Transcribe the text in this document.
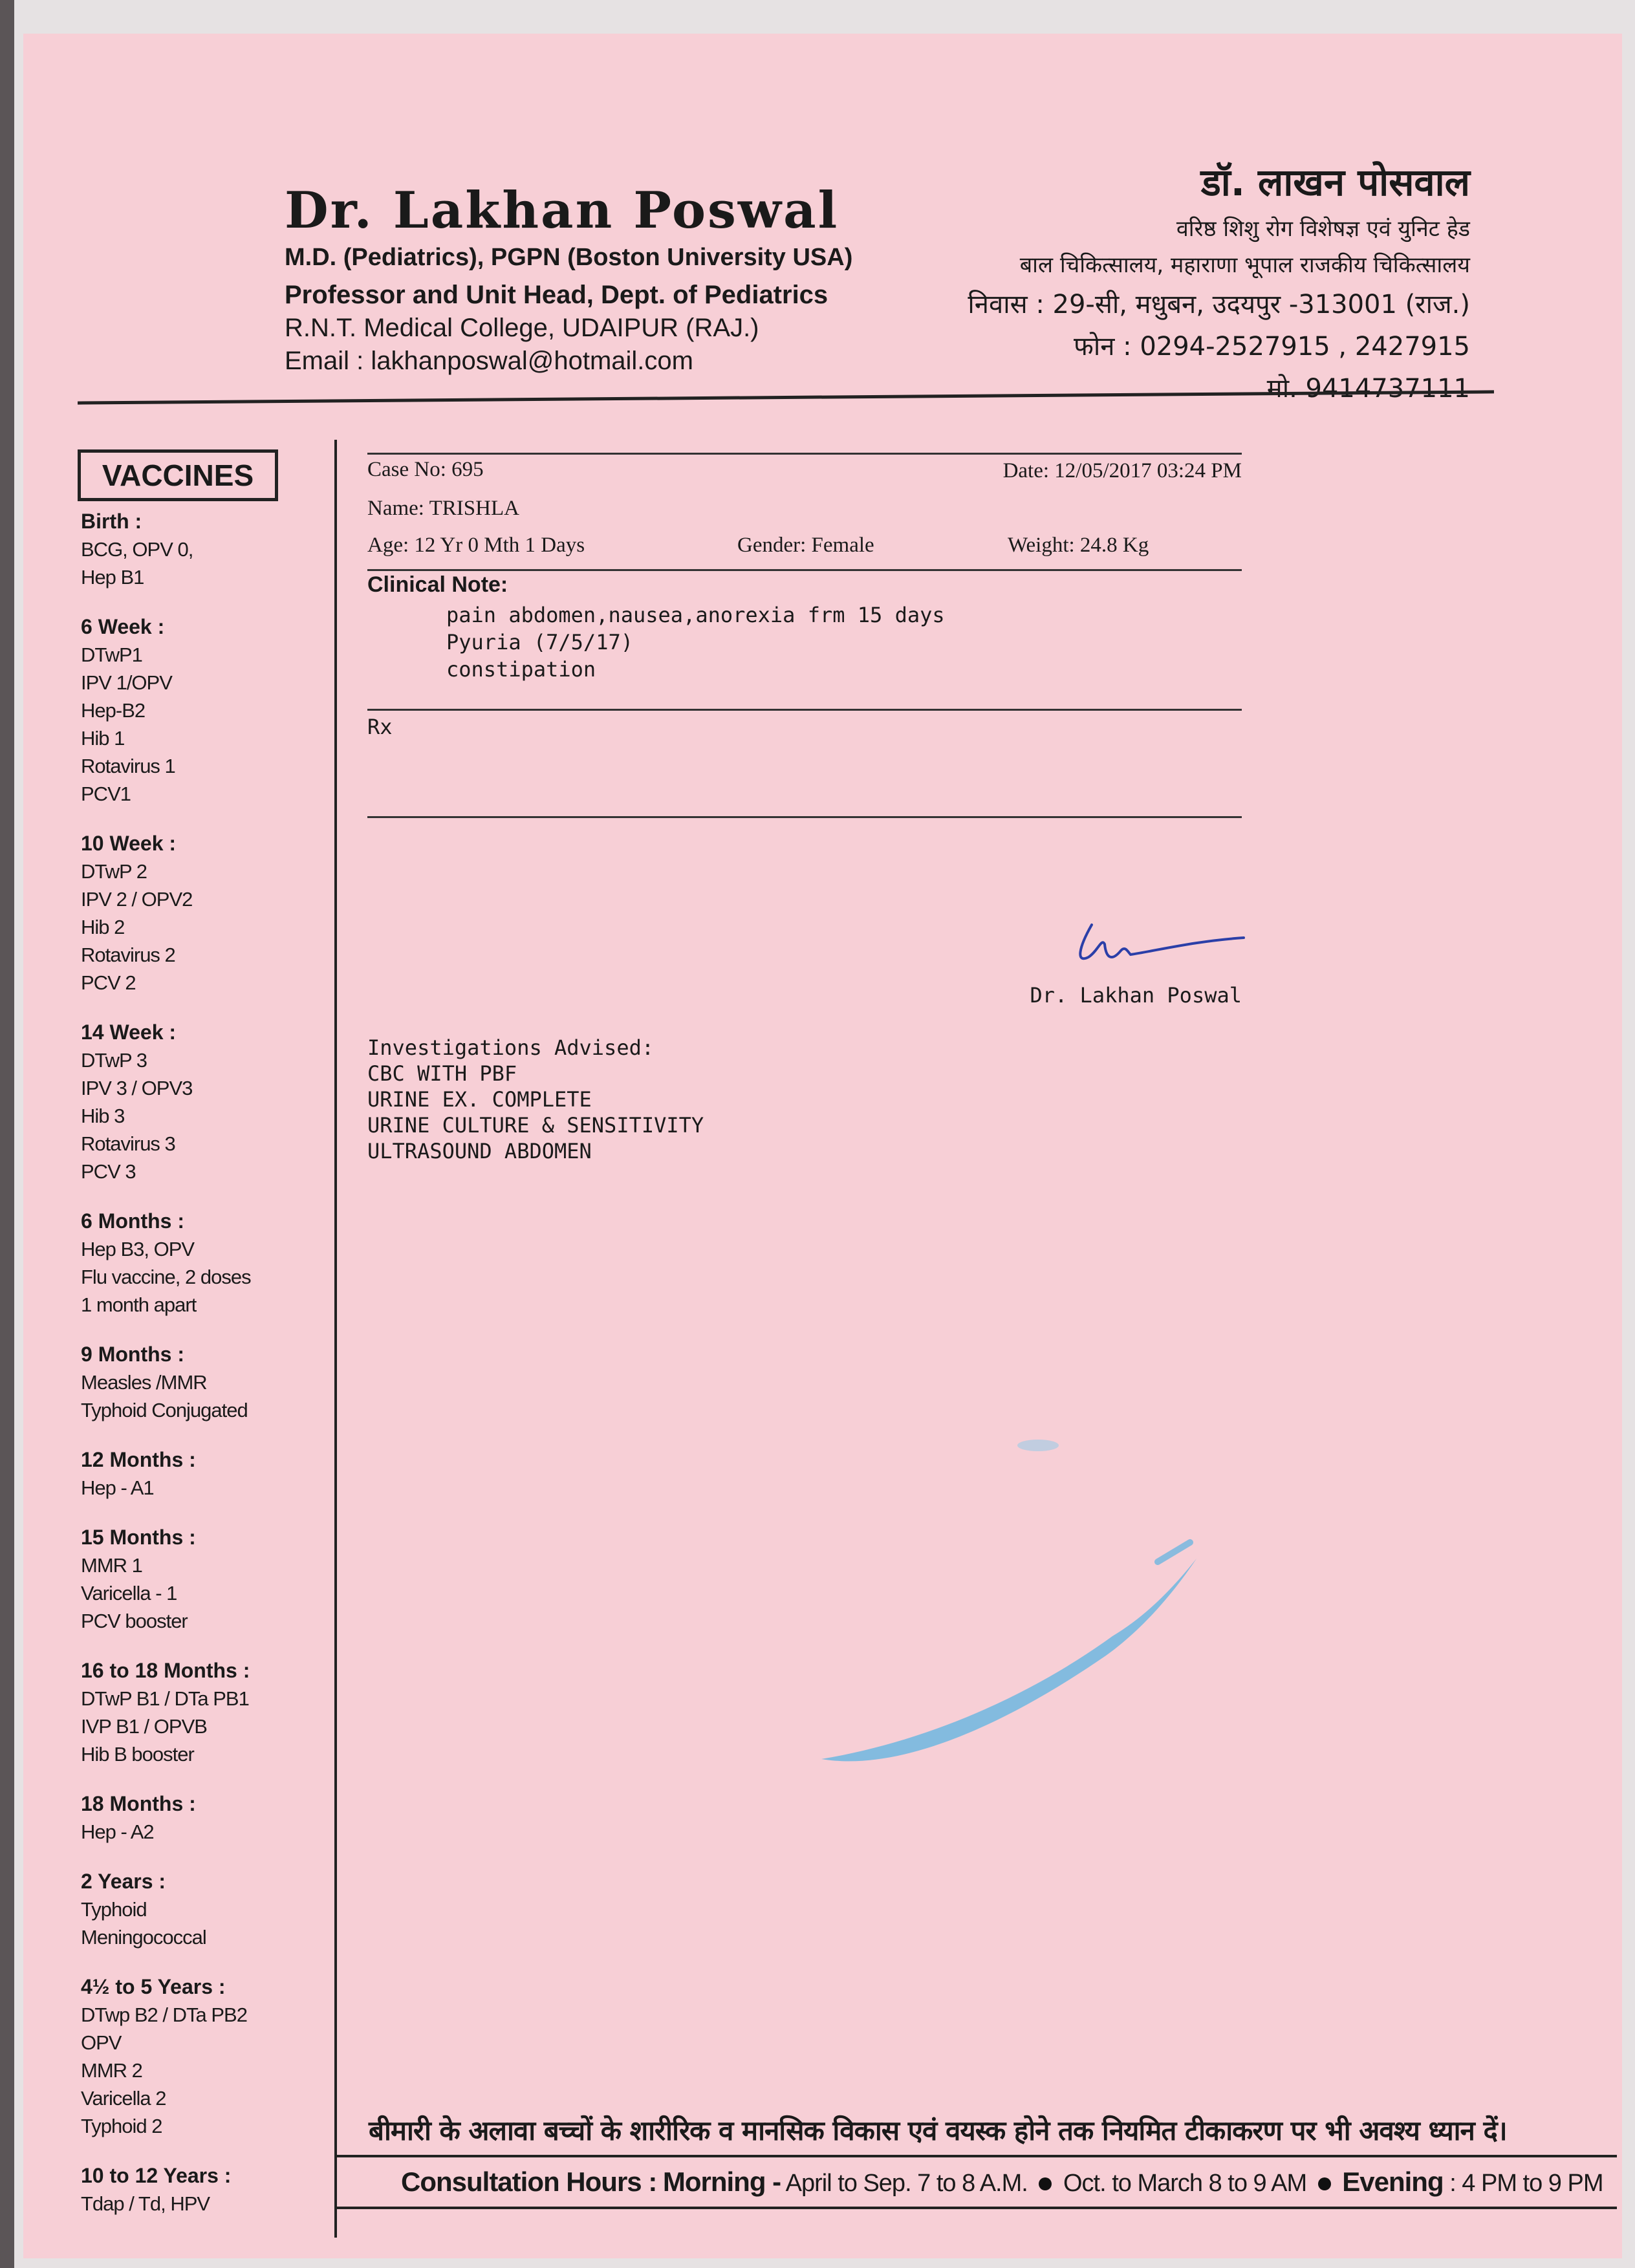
Dr. Lakhan Poswal
M.D. (Pediatrics), PGPN (Boston University USA)
Professor and Unit Head, Dept. of Pediatrics
R.N.T. Medical College, UDAIPUR (RAJ.)
Email : lakhanposwal@hotmail.com
डॉ. लाखन पोसवाल
वरिष्ठ शिशु रोग विशेषज्ञ एवं युनिट हेड
बाल चिकित्सालय, महाराणा भूपाल राजकीय चिकित्सालय
निवास : 29-सी, मधुबन, उदयपुर -313001 (राज.)
फोन : 0294-2527915 , 2427915
मो. 9414737111
VACCINES
Birth :
BCG, OPV 0,
Hep B1
6 Week :
DTwP1
IPV 1/OPV
Hep-B2
Hib 1
Rotavirus 1
PCV1
10 Week :
DTwP 2
IPV 2 / OPV2
Hib 2
Rotavirus 2
PCV 2
14 Week :
DTwP 3
IPV 3 / OPV3
Hib 3
Rotavirus 3
PCV 3
6 Months :
Hep B3, OPV
Flu vaccine, 2 doses
1 month apart
9 Months :
Measles /MMR
Typhoid Conjugated
12 Months :
Hep - A1
15 Months :
MMR 1
Varicella - 1
PCV booster
16 to 18 Months :
DTwP B1 / DTa PB1
IVP B1 / OPVB
Hib B booster
18 Months :
Hep - A2
2 Years :
Typhoid
Meningococcal
4½ to 5 Years :
DTwp B2 / DTa PB2
OPV
MMR 2
Varicella 2
Typhoid 2
10 to 12 Years :
Tdap / Td, HPV
Case No: 695	Date: 12/05/2017 03:24 PM
Name: TRISHLA
Age: 12 Yr 0 Mth 1 Days	Gender: Female	Weight: 24.8 Kg
Clinical Note:
pain abdomen,nausea,anorexia frm 15 days
Pyuria (7/5/17)
constipation
Rx
Dr. Lakhan Poswal
Investigations Advised:
CBC WITH PBF
URINE EX. COMPLETE
URINE CULTURE & SENSITIVITY
ULTRASOUND ABDOMEN
बीमारी के अलावा बच्चों के शारीरिक व मानसिक विकास एवं वयस्क होने तक नियमित टीकाकरण पर भी अवश्य ध्यान दें।
Consultation Hours : Morning - April to Sep. 7 to 8 A.M. Oct. to March 8 to 9 AM Evening : 4 PM to 9 PM
